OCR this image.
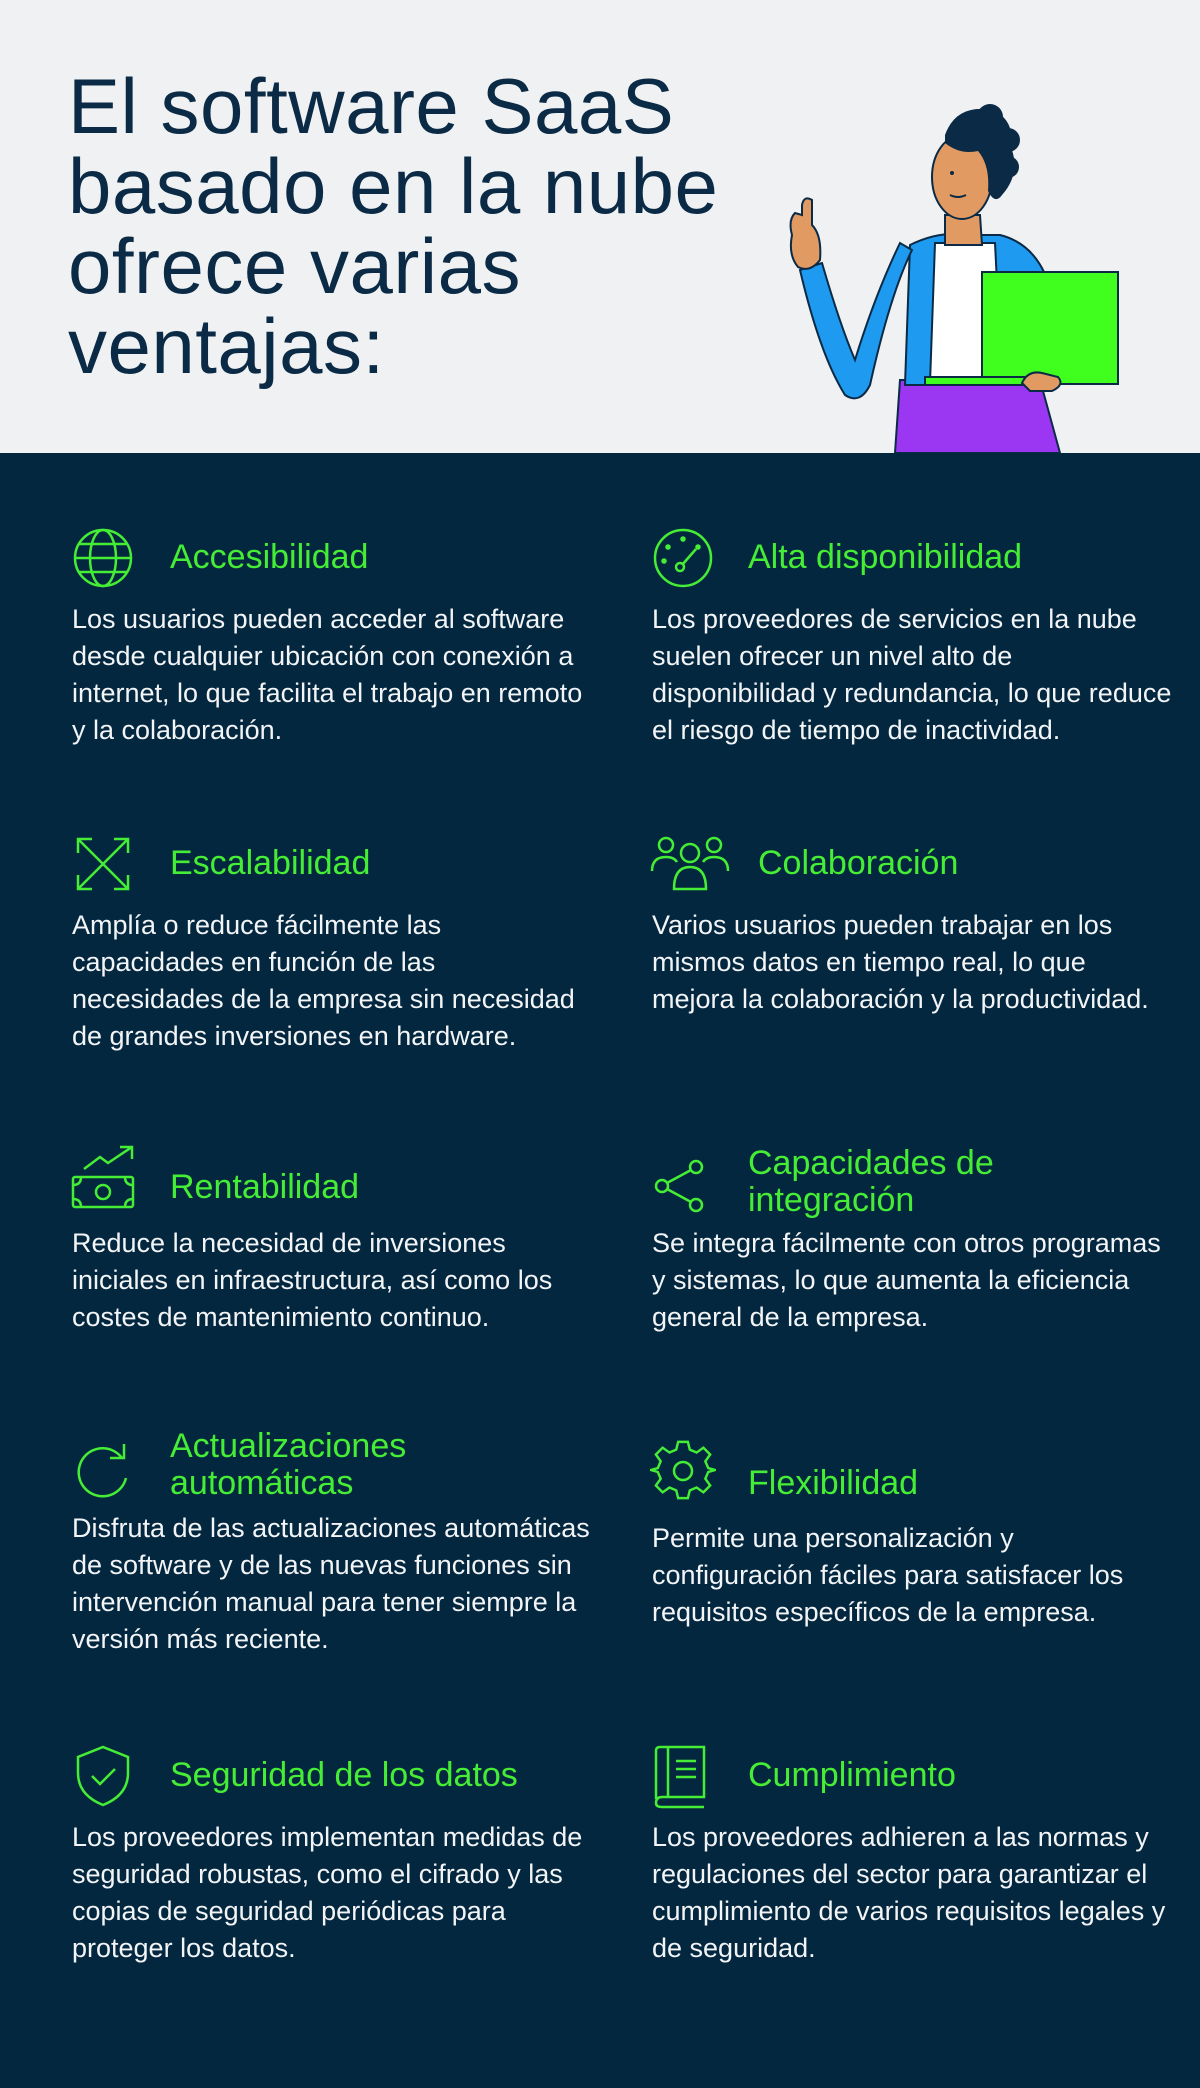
El software SaaS basado en la nube ofrece varias ventajas:
Accesibilidad

Los usuarios pueden acceder al software desde cualquier ubicación con conexión a internet, lo que facilita el trabajo en remoto y la colaboración.

Alta disponibilidad

Los proveedores de servicios en la nube suelen ofrecer un nivel alto de disponibilidad y redundancia, lo que reduce el riesgo de tiempo de inactividad.

Escalabilidad

Amplía o reduce fácilmente las capacidades en función de las necesidades de la empresa sin necesidad de grandes inversiones en hardware.

Colaboración

Varios usuarios pueden trabajar en los mismos datos en tiempo real, lo que mejora la colaboración y la productividad.

Rentabilidad

Reduce la necesidad de inversiones iniciales en infraestructura, así como los costes de mantenimiento continuo.

Capacidades de integración

Se integra fácilmente con otros programas y sistemas, lo que aumenta la eficiencia general de la empresa.

Actualizaciones automáticas

Disfruta de las actualizaciones automáticas de software y de las nuevas funciones sin intervención manual para tener siempre la versión más reciente.

Flexibilidad

Permite una personalización y configuración fáciles para satisfacer los requisitos específicos de la empresa.

Seguridad de los datos

Los proveedores implementan medidas de seguridad robustas, como el cifrado y las copias de seguridad periódicas para proteger los datos.

Cumplimiento

Los proveedores adhieren a las normas y regulaciones del sector para garantizar el cumplimiento de varios requisitos legales y de seguridad.
